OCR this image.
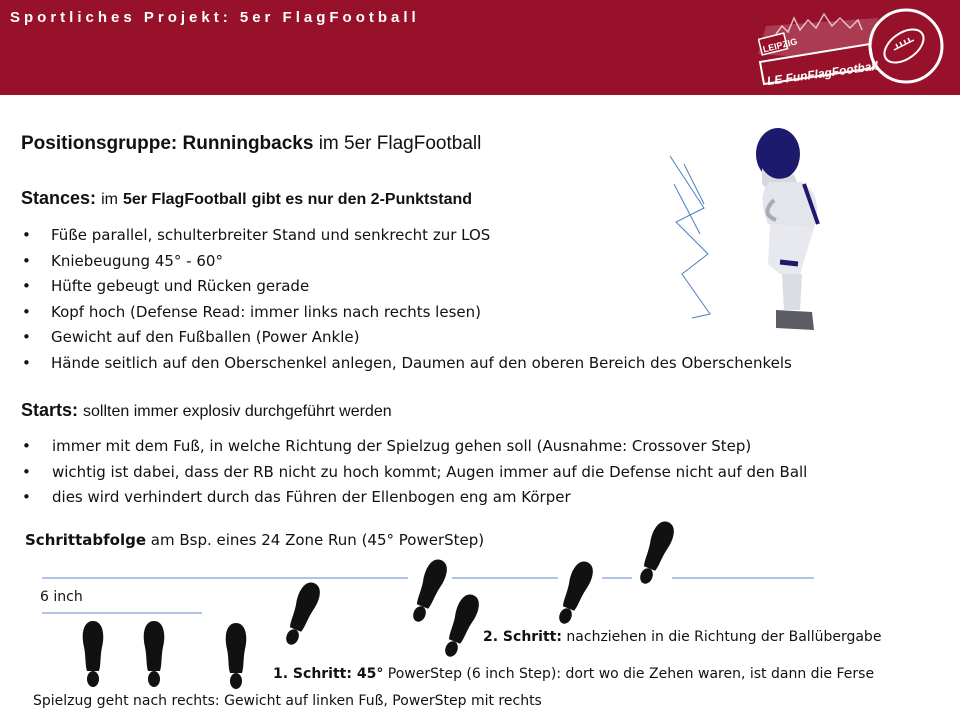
Sportliches Projekt: 5er FlagFootball
LEIPZIG
LE FunFlagFootball
Positionsgruppe: Runningbacks im 5er FlagFootball
Stances: im 5er FlagFootball gibt es nur den 2-Punktstand
• Füße parallel, schulterbreiter Stand und senkrecht zur LOS
• Kniebeugung 45° - 60°
• Hüfte gebeugt und Rücken gerade
• Kopf hoch (Defense Read: immer links nach rechts lesen)
• Gewicht auf den Fußballen (Power Ankle)
• Hände seitlich auf den Oberschenkel anlegen, Daumen auf den oberen Bereich des Oberschenkels
Starts: sollten immer explosiv durchgeführt werden
• immer mit dem Fuß, in welche Richtung der Spielzug gehen soll (Ausnahme: Crossover Step)
• wichtig ist dabei, dass der RB nicht zu hoch kommt; Augen immer auf die Defense nicht auf den Ball
• dies wird verhindert durch das Führen der Ellenbogen eng am Körper
Schrittabfolge am Bsp. eines 24 Zone Run (45° PowerStep)
6 inch
2. Schritt: nachziehen in die Richtung der Ballübergabe
1. Schritt: 45° PowerStep (6 inch Step): dort wo die Zehen waren, ist dann die Ferse
Spielzug geht nach rechts: Gewicht auf linken Fuß, PowerStep mit rechts
